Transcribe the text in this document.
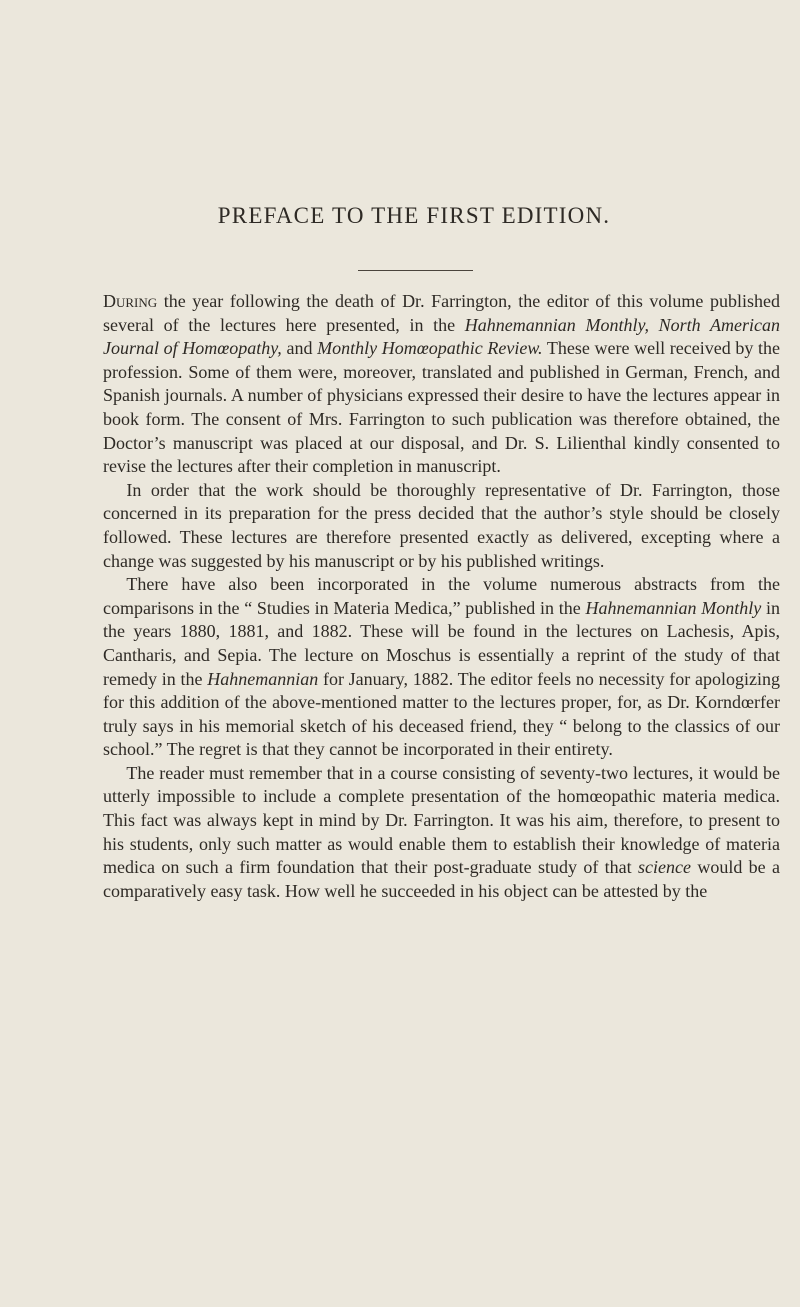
PREFACE TO THE FIRST EDITION.

During the year following the death of Dr. Farrington, the editor of this volume published several of the lectures here presented, in the Hahnemannian Monthly, North American Journal of Homœopathy, and Monthly Homœopathic Review. These were well received by the profession. Some of them were, moreover, translated and published in German, French, and Spanish journals. A number of physicians expressed their desire to have the lectures appear in book form. The consent of Mrs. Farrington to such publication was therefore obtained, the Doctor’s manuscript was placed at our disposal, and Dr. S. Lilienthal kindly consented to revise the lectures after their completion in manuscript.

In order that the work should be thoroughly representative of Dr. Farrington, those concerned in its preparation for the press decided that the author’s style should be closely followed. These lectures are therefore presented exactly as delivered, excepting where a change was suggested by his manuscript or by his published writings.

There have also been incorporated in the volume numerous abstracts from the comparisons in the “ Studies in Materia Medica,” published in the Hahnemannian Monthly in the years 1880, 1881, and 1882. These will be found in the lectures on Lachesis, Apis, Cantharis, and Sepia. The lecture on Moschus is essentially a reprint of the study of that remedy in the Hahnemannian for January, 1882. The editor feels no necessity for apologizing for this addition of the above-mentioned matter to the lectures proper, for, as Dr. Korndœrfer truly says in his memorial sketch of his deceased friend, they “ belong to the classics of our school.” The regret is that they cannot be incorporated in their entirety.

The reader must remember that in a course consisting of seventy-two lectures, it would be utterly impossible to include a complete presentation of the homœopathic materia medica. This fact was always kept in mind by Dr. Farrington. It was his aim, therefore, to present to his students, only such matter as would enable them to establish their knowledge of materia medica on such a firm foundation that their post-graduate study of that science would be a comparatively easy task. How well he succeeded in his object can be attested by the
